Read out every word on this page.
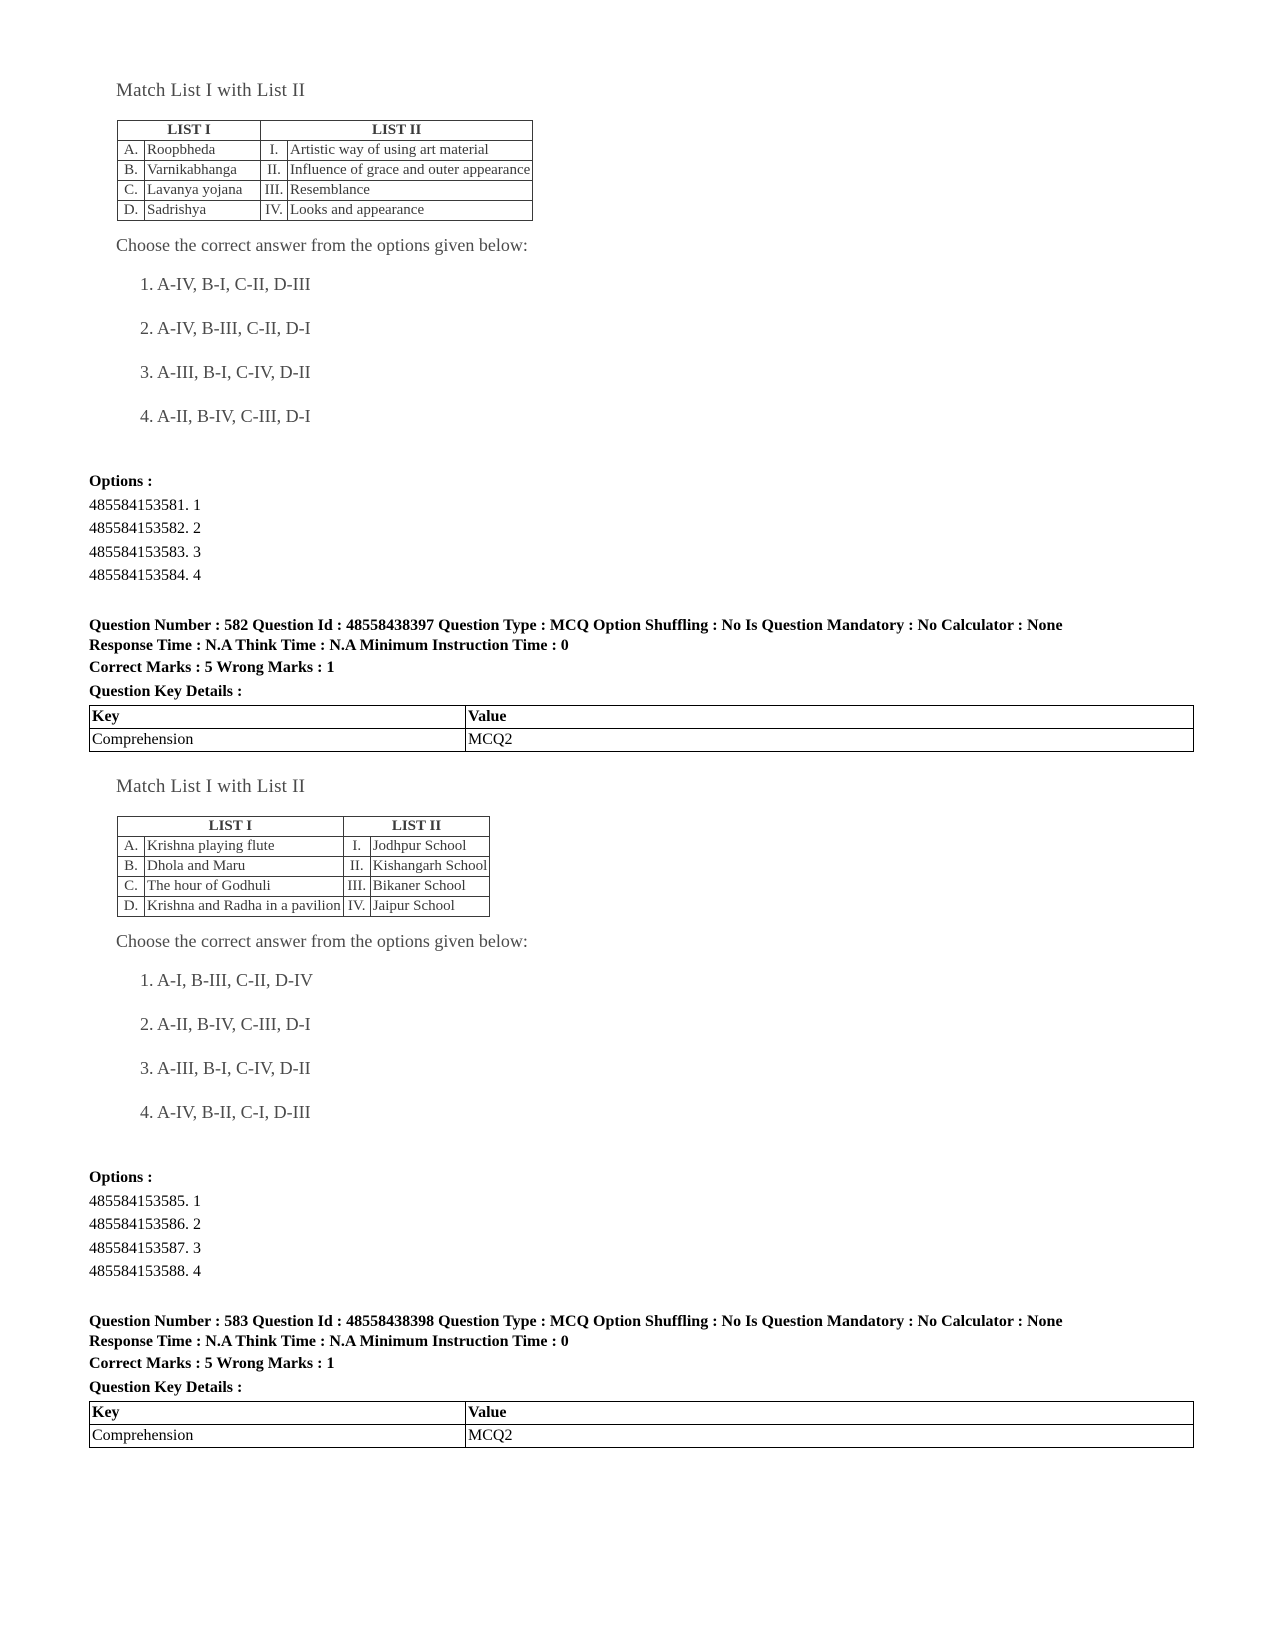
Match List I with List II
LIST I		LIST II	
A.	Roopbheda	I.	Artistic way of using art material
B.	Varnikabhanga	II.	Influence of grace and outer appearance
C.	Lavanya yojana	III.	Resemblance
D.	Sadrishya	IV.	Looks and appearance
Choose the correct answer from the options given below:
1. A-IV, B-I, C-II, D-III
2. A-IV, B-III, C-II, D-I
3. A-III, B-I, C-IV, D-II
4. A-II, B-IV, C-III, D-I
Options :
485584153581. 1
485584153582. 2
485584153583. 3
485584153584. 4
Question Number : 582 Question Id : 48558438397 Question Type : MCQ Option Shuffling : No Is Question Mandatory : No Calculator : None
Response Time : N.A Think Time : N.A Minimum Instruction Time : 0
Correct Marks : 5 Wrong Marks : 1
Question Key Details :
Key	Value
Comprehension	MCQ2
Match List I with List II
LIST I		LIST II	
A.	Krishna playing flute	I.	Jodhpur School
B.	Dhola and Maru	II.	Kishangarh School
C.	The hour of Godhuli	III.	Bikaner School
D.	Krishna and Radha in a pavilion	IV.	Jaipur School
Choose the correct answer from the options given below:
1. A-I, B-III, C-II, D-IV
2. A-II, B-IV, C-III, D-I
3. A-III, B-I, C-IV, D-II
4. A-IV, B-II, C-I, D-III
Options :
485584153585. 1
485584153586. 2
485584153587. 3
485584153588. 4
Question Number : 583 Question Id : 48558438398 Question Type : MCQ Option Shuffling : No Is Question Mandatory : No Calculator : None
Response Time : N.A Think Time : N.A Minimum Instruction Time : 0
Correct Marks : 5 Wrong Marks : 1
Question Key Details :
Key	Value
Comprehension	MCQ2
